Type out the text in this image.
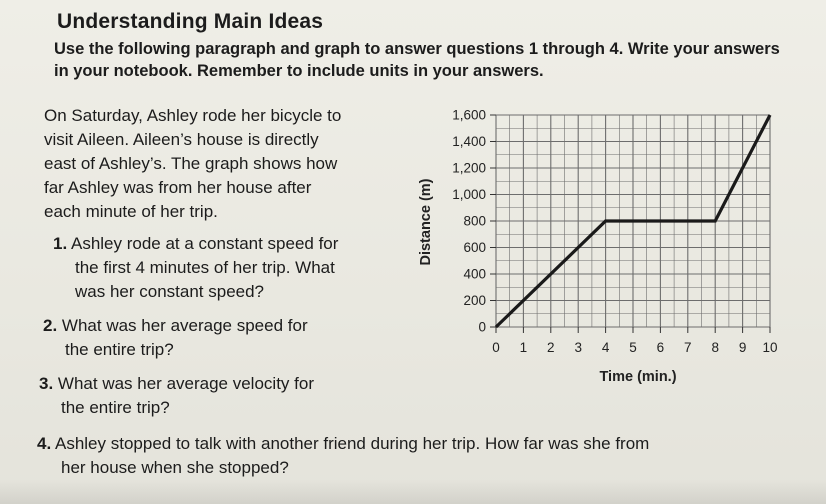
Understanding Main Ideas
Use the following paragraph and graph to answer questions 1 through 4. Write your answers in your notebook. Remember to include units in your answers.
On Saturday, Ashley rode her bicycle to
visit Aileen. Aileen’s house is directly
east of Ashley’s. The graph shows how
far Ashley was from her house after
each minute of her trip.
1. Ashley rode at a constant speed for
the first 4 minutes of her trip. What
was her constant speed?
2. What was her average speed for
the entire trip?
3. What was her average velocity for
the entire trip?
4. Ashley stopped to talk with another friend during her trip. How far was she from
her house when she stopped?
0
200
400
600
800
1,000
1,200
1,400
1,600
0 1 2 3 4 5 6 7 8 9 10
Distance (m)
Time (min.)
